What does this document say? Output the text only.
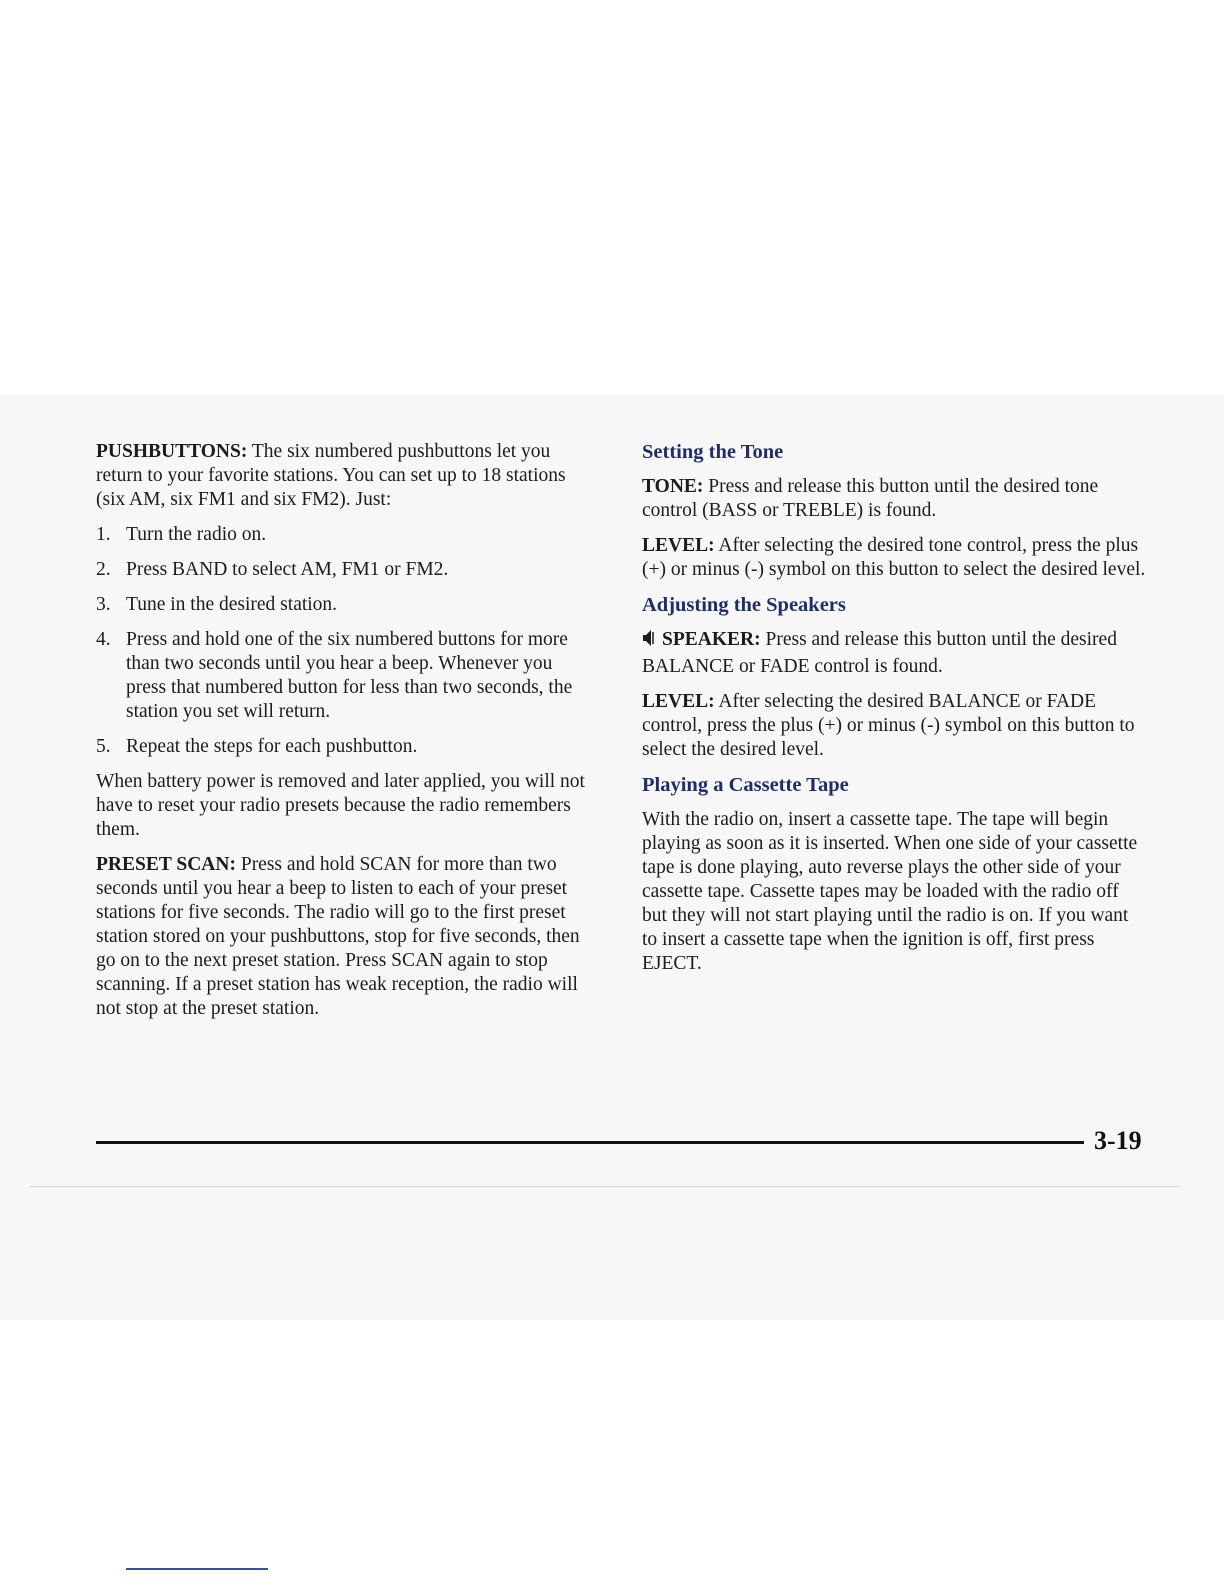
PUSHBUTTONS: The six numbered pushbuttons let you return to your favorite stations. You can set up to 18 stations (six AM, six FM1 and six FM2). Just:

1. Turn the radio on.
2. Press BAND to select AM, FM1 or FM2.
3. Tune in the desired station.
4. Press and hold one of the six numbered buttons for more than two seconds until you hear a beep. Whenever you press that numbered button for less than two seconds, the station you set will return.
5. Repeat the steps for each pushbutton.

When battery power is removed and later applied, you will not have to reset your radio presets because the radio remembers them.

PRESET SCAN: Press and hold SCAN for more than two seconds until you hear a beep to listen to each of your preset stations for five seconds. The radio will go to the first preset station stored on your pushbuttons, stop for five seconds, then go on to the next preset station. Press SCAN again to stop scanning. If a preset station has weak reception, the radio will not stop at the preset station.

Setting the Tone

TONE: Press and release this button until the desired tone control (BASS or TREBLE) is found.

LEVEL: After selecting the desired tone control, press the plus (+) or minus (-) symbol on this button to select the desired level.

Adjusting the Speakers

SPEAKER: Press and release this button until the desired BALANCE or FADE control is found.

LEVEL: After selecting the desired BALANCE or FADE control, press the plus (+) or minus (-) symbol on this button to select the desired level.

Playing a Cassette Tape

With the radio on, insert a cassette tape. The tape will begin playing as soon as it is inserted. When one side of your cassette tape is done playing, auto reverse plays the other side of your cassette tape. Cassette tapes may be loaded with the radio off but they will not start playing until the radio is on. If you want to insert a cassette tape when the ignition is off, first press EJECT.

3-19
